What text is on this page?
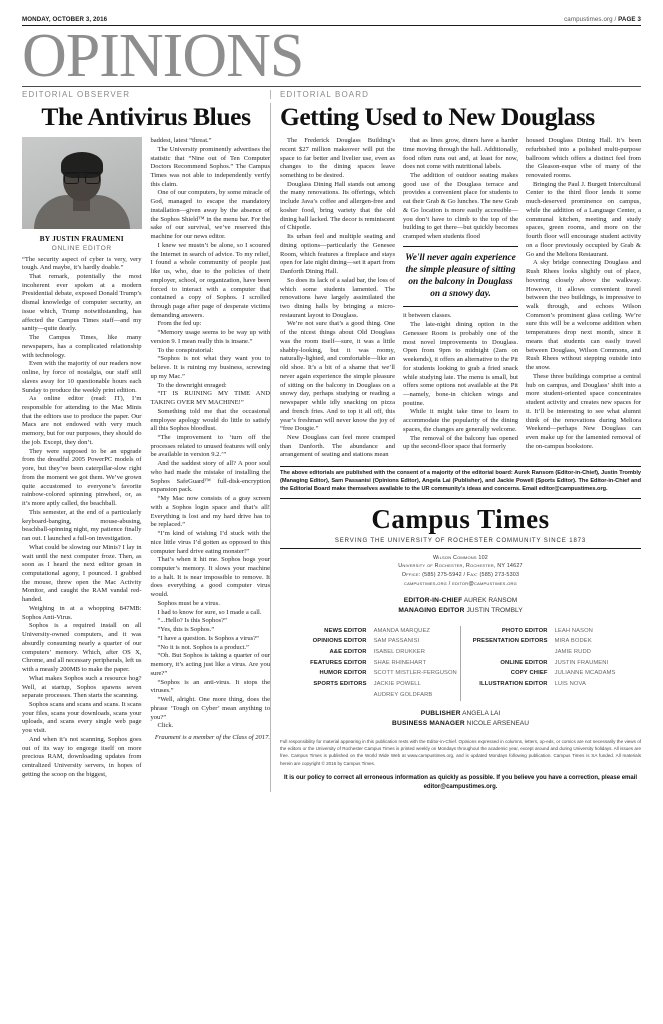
MONDAY, OCTOBER 3, 2016	campustimes.org / PAGE 3
OPINIONS
EDITORIAL OBSERVER	EDITORIAL BOARD
The Antivirus Blues
BY JUSTIN FRAUMENI
ONLINE EDITOR

“The security aspect of cyber is very, very tough. And maybe, it’s hardly doable.”

That remark, potentially the most incoherent ever spoken at a modern Presidential debate, exposed Donald Trump’s dismal knowledge of computer security, an issue which, Trump notwithstanding, has affected the Campus Times staff—and my sanity—quite dearly.

The Campus Times, like many newspapers, has a complicated relationship with technology.

Even with the majority of our readers now online, by force of nostalgia, our staff still slaves away for 10 questionable hours each Sunday to produce the weekly print edition.

As online editor (read: IT), I’m responsible for attending to the Mac Minis that the editors use to produce the paper. Our Macs are not endowed with very much memory, but for our purposes, they should do the job. Except, they don’t.

They were supposed to be an upgrade from the dreadful 2005 PowerPC models of yore, but they’ve been caterpillar-slow right from the moment we got them. We’ve grown quite accustomed to everyone’s favorite rainbow-colored spinning pinwheel, or, as it’s more aptly called, the beachball.

This semester, at the end of a particularly keyboard-banging, mouse-abusing, beachball-spinning night, my patience finally ran out. I launched a full-on investigation.

What could be slowing our Minis? I lay in wait until the next computer froze. Then, as soon as I heard the next editor groan in computational agony, I pounced. I grabbed the mouse, threw open the Mac Activity Monitor, and caught the RAM vandal red-handed.

Weighing in at a whopping 847MB: Sophos Anti-Virus.

Sophos is a required install on all University-owned computers, and it was absurdly consuming nearly a quarter of our computers’ memory. Which, after OS X, Chrome, and all necessary peripherals, left us with a measly 200MB to make the paper.

What makes Sophos such a resource hog? Well, at startup, Sophos spawns seven separate processes. Then starts the scanning.

Sophos scans and scans and scans. It scans your files, scans your downloads, scans your uploads, and scans every single web page you visit.

And when it’s not scanning, Sophos goes out of its way to engorge itself on more precious RAM, downloading updates from centralized University servers, in hopes of getting the scoop on the biggest,

baddest, latest “threat.”

The University prominently advertises the statistic that “Nine out of Ten Computer Doctors Recommend Sophos.” The Campus Times was not able to independently verify this claim.

One of our computers, by some miracle of God, managed to escape the mandatory installation—given away by the absence of the Sophos Shield™ in the menu bar. For the sake of our survival, we’ve reserved this machine for our news editor.

I knew we mustn’t be alone, so I scoured the Internet in search of advice. To my relief, I found a whole community of people just like us, who, due to the policies of their employer, school, or organization, have been forced to interact with a computer that contained a copy of Sophos. I scrolled through page after page of desperate victims demanding answers.

From the fed up:

“Memory usage seems to be way up with version 9. I mean really this is insane.”

To the conspiratorial:

“Sophos is not what they want you to believe. It is ruining my business, screwing up my Mac.”

To the downright enraged:

“IT IS RUINING MY TIME AND TAKING OVER MY MACHINE!”

Something told me that the occasional employee apology would do little to satisfy all this Sophos bloodlust.

“The improvement to ‘turn off the processes related to unused features will only be available in version 9.2.’”

And the saddest story of all? A poor soul who had made the mistake of installing the Sophos SafeGuard™ full-disk-encryption expansion pack.

“My Mac now consists of a gray screen with a Sophos login space and that’s all! Everything is lost and my hard drive has to be replaced.”

“I’m kind of wishing I’d stuck with the nice little virus I’d gotten as opposed to this computer hard drive eating monster!”

That’s when it hit me. Sophos hogs your computer’s memory. It slows your machine to a halt. It is near impossible to remove. It does everything a good computer virus would.

Sophos must be a virus.

I had to know for sure, so I made a call.

“...Hello? Is this Sophos?”

“Yes, this is Sophos.”

“I have a question. Is Sophos a virus?”

“No it is not. Sophos is a product.”

“Oh. But Sophos is taking a quarter of our memory, it’s acting just like a virus. Are you sure?”

“Sophos is an anti-virus. It stops the viruses.”

“Well, alright. One more thing, does the phrase ‘Tough on Cyber’ mean anything to you?”

Click.

Fraumeni is a member of the Class of 2017.

Getting Used to New Douglass

The Frederick Douglass Building’s recent $27 million makeover will put the space to far better and livelier use, even as changes to the dining spaces leave something to be desired.

Douglass Dining Hall stands out among the many renovations. Its offerings, which include Java’s coffee and allergen-free and kosher food, bring variety that the old dining hall lacked. The decor is reminiscent of Chipotle.

Its urban feel and multiple seating and dining options—particularly the Genesee Room, which features a fireplace and stays open for late night dining—set it apart from Danforth Dining Hall.

So does its lack of a salad bar, the loss of which some students lamented. The renovations have largely assimilated the two dining halls by bringing a micro-restaurant layout to Douglass.

We’re not sure that’s a good thing. One of the nicest things about Old Douglass was the room itself—sure, it was a little shabby-looking, but it was roomy, naturally-lighted, and comfortable—like an old shoe. It’s a bit of a shame that we’ll never again experience the simple pleasure of sitting on the balcony in Douglass on a snowy day, perhaps studying or reading a newspaper while idly snacking on pizza and french fries. And to top it all off, this year’s freshman will never know the joy of “free Dougie.”

New Douglass can feel more cramped than Danforth. The abundance and arrangement of seating and stations mean

that as lines grow, diners have a harder time moving through the hall. Additionally, food often runs out and, at least for now, does not come with nutritional labels.

The addition of outdoor seating makes good use of the Douglass terrace and provides a convenient place for students to eat their Grab & Go lunches. The new Grab & Go location is more easily accessible—you don’t have to climb to the top of the building to get there—but quickly becomes cramped when students flood

We'll never again experience the simple pleasure of sitting on the balcony in Douglass on a snowy day.

it between classes.

The late-night dining option in the Genessee Room is probably one of the most novel improvements to Douglass. Open from 9pm to midnight (2am on weekends), it offers an alternative to the Pit for students looking to grab a fried snack while studying late. The menu is small, but offers some options not available at the Pit—namely, bone-in chicken wings and poutine.

While it might take time to learn to accommodate the popularity of the dining spaces, the changes are generally welcome.

The removal of the balcony has opened up the second-floor space that formerly

housed Douglass Dining Hall. It’s been refurbished into a polished multi-purpose ballroom which offers a distinct feel from the Gleason-esque vibe of many of the renovated rooms.

Bringing the Paul J. Burgett Intercultural Center to the third floor lends it some much-deserved prominence on campus, while the addition of a Language Center, a communal kitchen, meeting and study spaces, green rooms, and more on the fourth floor will encourage student activity on a floor previously occupied by Grab & Go and the Meliora Restaurant.

A sky bridge connecting Douglass and Rush Rhees looks slightly out of place, hovering closely above the walkway. However, it allows convenient travel between the two buildings, is impressive to walk through, and echoes Wilson Common’s prominent glass ceiling. We’re sure this will be a welcome addition when temperatures drop next month, since it means that students can easily travel between Douglass, Wilson Commons, and Rush Rhees without stepping outside into the snow.

These three buildings comprise a central hub on campus, and Douglass’ shift into a more student-oriented space concentrates student activity and creates new spaces for it. It’ll be interesting to see what alumni think of the renovations during Meliora Weekend—perhaps New Douglass can even make up for the lamented removal of the on-campus bookstore.

The above editorials are published with the consent of a majority of the editorial board: Aurek Ransom (Editor-in-Chief), Justin Trombly (Managing Editor), Sam Passanisi (Opinions Editor), Angela Lai (Publisher), and Jackie Powell (Sports Editor). The Editor-in-Chief and the Editorial Board make themselves available to the UR community’s ideas and concerns. Email editor@campustimes.org.
Campus Times
SERVING THE UNIVERSITY OF ROCHESTER COMMUNITY SINCE 1873
Wilson Commons 102
University of Rochester, Rochester, NY 14627
Office: (585) 275-5942 / Fax: (585) 273-5303
campustimes.org / editor@campustimes.org
EDITOR-IN-CHIEF AUREK RANSOM
MANAGING EDITOR JUSTIN TROMBLY
NEWS EDITOR	AMANDA MARQUEZ
OPINIONS EDITOR	SAM PASSANISI
A&E EDITOR	ISABEL DRUKKER
FEATURES EDITOR	SHAE RHINEHART
HUMOR EDITOR	SCOTT MISTLER-FERGUSON
SPORTS EDITORS	JACKIE POWELL
AUDREY GOLDFARB
PHOTO EDITOR	LEAH NASON
PRESENTATION EDITORS	MIRA BODEK
JAMIE RUDD
ONLINE EDITOR	JUSTIN FRAUMENI
COPY CHIEF	JULIANNE MCADAMS
ILLUSTRATION EDITOR	LUIS NOVA
PUBLISHER ANGELA LAI
BUSINESS MANAGER NICOLE ARSENEAU
Full responsibility for material appearing in this publication rests with the Editor-in-Chief. Opinions expressed in columns, letters, op-eds, or comics are not necessarily the views of the editors or the University of Rochester Campus Times is printed weekly on Mondays throughout the academic year, except around and during University holidays. All issues are free. Campus Times is published on the World Wide Web at www.campustimes.org, and is updated Mondays following publication. Campus Times is SA funded. All materials herein are copyright © 2016 by Campus Times.
It is our policy to correct all erroneous information as quickly as possible. If you believe you have a correction, please email editor@campustimes.org.
